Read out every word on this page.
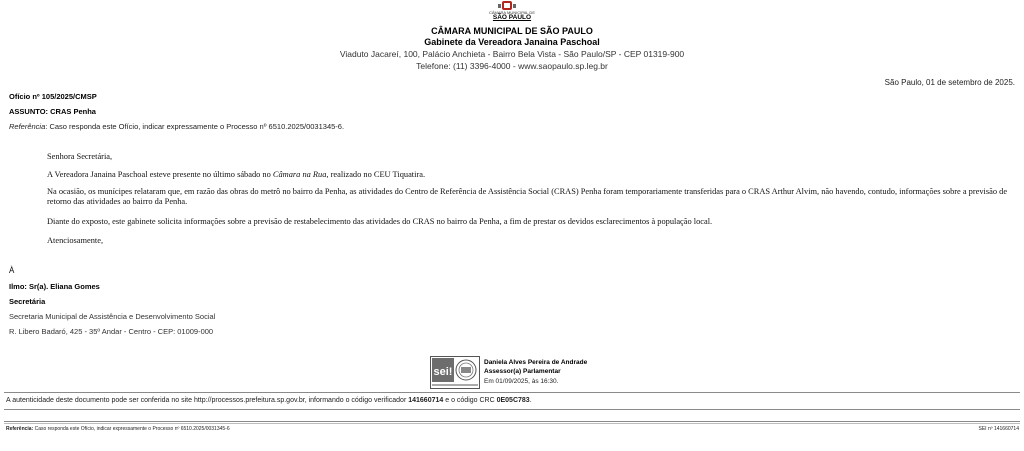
CÂMARA MUNICIPAL DE
SÃO PAULO
CÂMARA MUNICIPAL DE SÃO PAULO
Gabinete da Vereadora Janaina Paschoal
Viaduto Jacareí, 100, Palácio Anchieta - Bairro Bela Vista - São Paulo/SP - CEP 01319-900
Telefone: (11) 3396-4000 - www.saopaulo.sp.leg.br
São Paulo, 01 de setembro de 2025.
Ofício nº 105/2025/CMSP
ASSUNTO: CRAS Penha
Referência: Caso responda este Ofício, indicar expressamente o Processo nº 6510.2025/0031345-6.
Senhora Secretária,
A Vereadora Janaina Paschoal esteve presente no último sábado no Câmara na Rua, realizado no CEU Tiquatira.
Na ocasião, os munícipes relataram que, em razão das obras do metrô no bairro da Penha, as atividades do Centro de Referência de Assistência Social (CRAS) Penha foram temporariamente transferidas para o CRAS Arthur Alvim, não havendo, contudo, informações sobre a previsão de retorno das atividades ao bairro da Penha.
Diante do exposto, este gabinete solicita informações sobre a previsão de restabelecimento das atividades do CRAS no bairro da Penha, a fim de prestar os devidos esclarecimentos à população local.
Atenciosamente,
À
Ilmo: Sr(a). Eliana Gomes
Secretária
Secretaria Municipal de Assistência e Desenvolvimento Social
R. Libero Badaró, 425 - 35º Andar - Centro - CEP: 01009-000
sei!
Daniela Alves Pereira de Andrade
Assessor(a) Parlamentar
Em 01/09/2025, às 16:30.
A autenticidade deste documento pode ser conferida no site http://processos.prefeitura.sp.gov.br, informando o código verificador 141660714 e o código CRC 0E05C783.
Referência: Caso responda este Ofício, indicar expressamente o Processo nº 6510.2025/0031345-6	SEI nº 141660714
